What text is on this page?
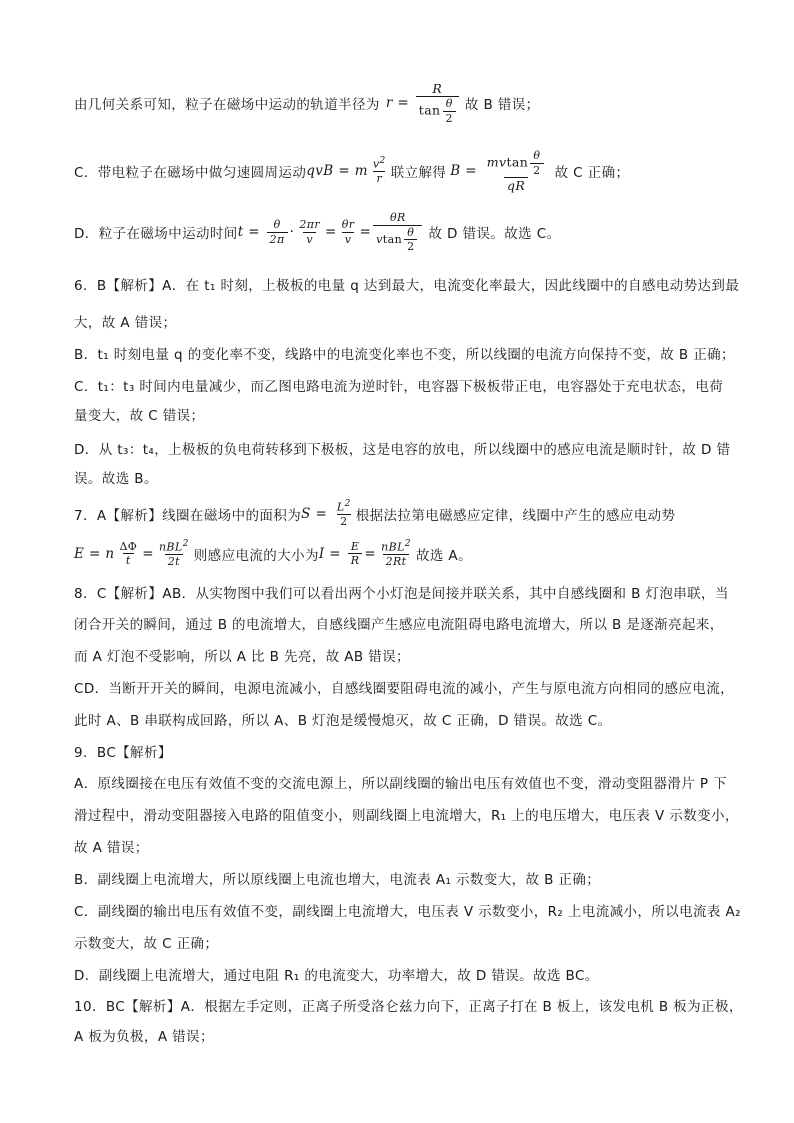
由几何关系可知，粒子在磁场中运动的轨道半径为 $r = \frac{R}{\tan \frac{\theta}{2}}$ 故 B 错误；
C．带电粒子在磁场中做匀速圆周运动 qvB = m $\frac{v^2}{r}$ 联立解得 $B = \frac{mvtan \frac{\theta}{2}}{qR}$ 故 C 正确；
D．粒子在磁场中运动时间 $t = \frac{\theta}{2\pi} \cdot \frac{2\pi r}{v} = \frac{\theta r}{v} = \frac{\theta R}{vtan \frac{\theta}{2}}$ 故 D 错误。故选 C。
6．B【解析】A．在 t₁ 时刻，上极板的电量 q 达到最大，电流变化率最大，因此线圈中的自感电动势达到最
大，故 A 错误；
B．t₁ 时刻电量 q 的变化率不变，线路中的电流变化率也不变，所以线圈的电流方向保持不变，故 B 正确；
C．t₁：t₃ 时间内电量减少，而乙图电路电流为逆时针，电容器下极板带正电，电容器处于充电状态，电荷
量变大，故 C 错误；
D．从 t₃：t₄，上极板的负电荷转移到下极板，这是电容的放电，所以线圈中的感应电流是顺时针，故 D 错
误。故选 B。
7．A【解析】线圈在磁场中的面积为 $S = \frac{L^2}{2}$ 根据法拉第电磁感应定律，线圈中产生的感应电动势
E = n $\frac{\Delta\Phi}{t} = \frac{nBL^2}{2t}$ 则感应电流的大小为 $I = \frac{E}{R} = \frac{nBL^2}{2Rt}$ 故选 A。
8．C【解析】AB．从实物图中我们可以看出两个小灯泡是间接并联关系，其中自感线圈和 B 灯泡串联，当
闭合开关的瞬间，通过 B 的电流增大，自感线圈产生感应电流阻碍电路电流增大，所以 B 是逐渐亮起来，
而 A 灯泡不受影响，所以 A 比 B 先亮，故 AB 错误；
CD．当断开开关的瞬间，电源电流减小，自感线圈要阻碍电流的减小，产生与原电流方向相同的感应电流，
此时 A、B 串联构成回路，所以 A、B 灯泡是缓慢熄灭，故 C 正确，D 错误。故选 C。
9．BC【解析】
A．原线圈接在电压有效值不变的交流电源上，所以副线圈的输出电压有效值也不变，滑动变阻器滑片 P 下
滑过程中，滑动变阻器接入电路的阻值变小，则副线圈上电流增大，R₁ 上的电压增大，电压表 V 示数变小，
故 A 错误；
B．副线圈上电流增大，所以原线圈上电流也增大，电流表 A₁ 示数变大，故 B 正确；
C．副线圈的输出电压有效值不变，副线圈上电流增大，电压表 V 示数变小，R₂ 上电流减小，所以电流表 A₂
示数变大，故 C 正确；
D．副线圈上电流增大，通过电阻 R₁ 的电流变大，功率增大，故 D 错误。故选 BC。
10．BC【解析】A．根据左手定则，正离子所受洛仑兹力向下，正离子打在 B 板上，该发电机 B 板为正极，
A 板为负极，A 错误；
